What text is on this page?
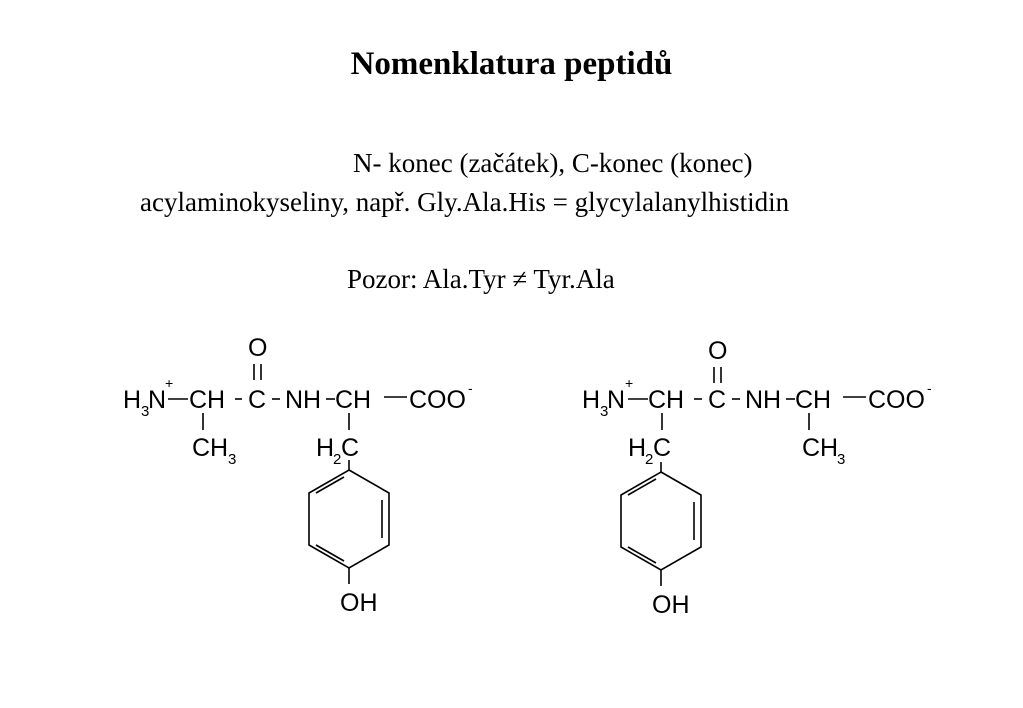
Nomenklatura peptidů
N- konec (začátek), C-konec (konec)
acylaminokyseliny, např. Gly.Ala.His = glycylalanylhistidin
Pozor: Ala.Tyr ≠ Tyr.Ala
H 3
N
+
CH
O
C NH CH COO -
CH 3	H
2 C
OH
H 3
N
+
CH
O
C NH CH COO -
H
2 C	CH
3
OH
